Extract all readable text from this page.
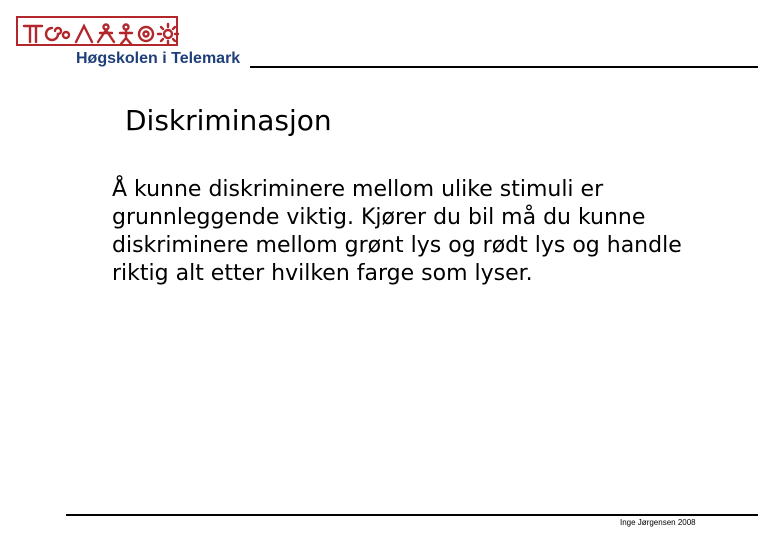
Høgskolen i Telemark
Diskriminasjon

Å kunne diskriminere mellom ulike stimuli er grunnleggende viktig. Kjører du bil må du kunne diskriminere mellom grønt lys og rødt lys og handle riktig alt etter hvilken farge som lyser.

Inge Jørgensen 2008
